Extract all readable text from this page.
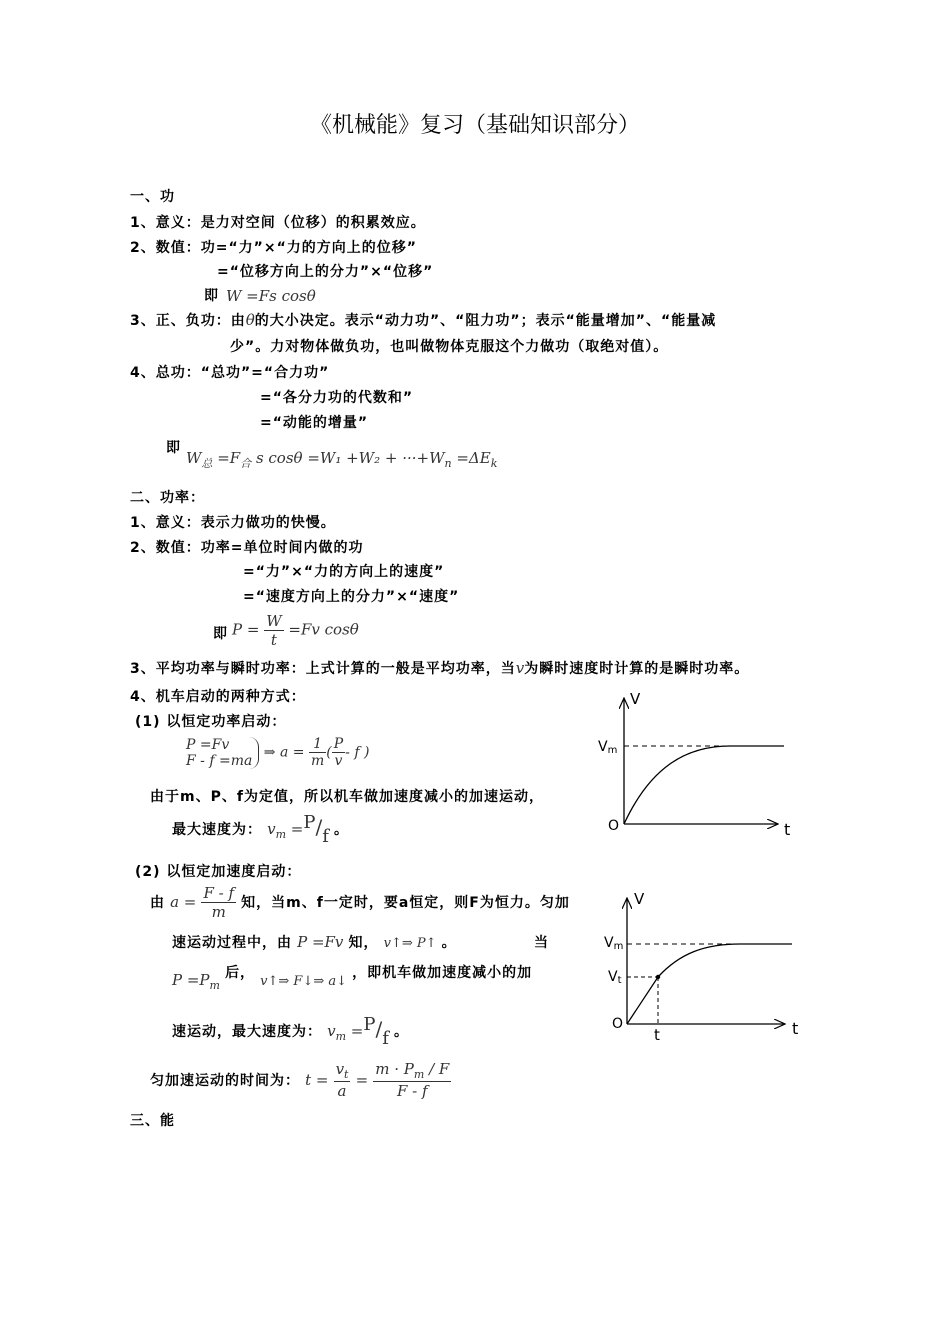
《机械能》复习（基础知识部分）
一、功
1、意义：是力对空间（位移）的积累效应。
2、数值：功=“力”×“力的方向上的位移”
=“位移方向上的分力”×“位移”
即 W =Fs cosθ
3、正、负功：由θ的大小决定。表示“动力功”、“阻力功”；表示“能量增加”、“能量减
少”。力对物体做负功，也叫做物体克服这个力做功（取绝对值）。
4、总功：“总功”=“合力功”
=“各分力功的代数和”
=“动能的增量”
即
$W_总 =F_合$ s $\cos\theta =W_1 +W_2 + \cdot\cdot\cdot+W_n =\Delta E_k$
二、功率：
1、意义：表示力做功的快慢。
2、数值：功率=单位时间内做的功
=“力”×“力的方向上的速度”
=“速度方向上的分力”×“速度”
即 $P = \frac{W}{t} =Fv$ cosθ
3、平均功率与瞬时功率：上式计算的一般是平均功率，当v为瞬时速度时计算的是瞬时功率。
4、机车启动的两种方式：
(1) 以恒定功率启动：
P =Fv
F - f =ma ⇒ $a = \frac{1}{m}$ ( $\frac{P}{v}$ - f )
由于m、P、f为定值，所以机车做加速度减小的加速运动，
最大速度为： $v_m =P/f$ 。
(2) 以恒定加速度启动：
由 $a = \frac{F - f}{m}$ 知，当m、f一定时，要a恒定，则F为恒力。匀加
速运动过程中，由 P =Fv 知， v↑⇒ P↑ 。	当
$P =P_m$ 后， v↑⇒ F↓⇒ a↓ ，即机车做加速度减小的加
速运动，最大速度为： $v_m =P/f$ 。
匀加速运动的时间为： $t = \frac{v_t}{a} = \frac{m \cdot P_m / F}{F - f}$
三、能
V
t
Vm
O
V
t
Vm
Vt
O
t
